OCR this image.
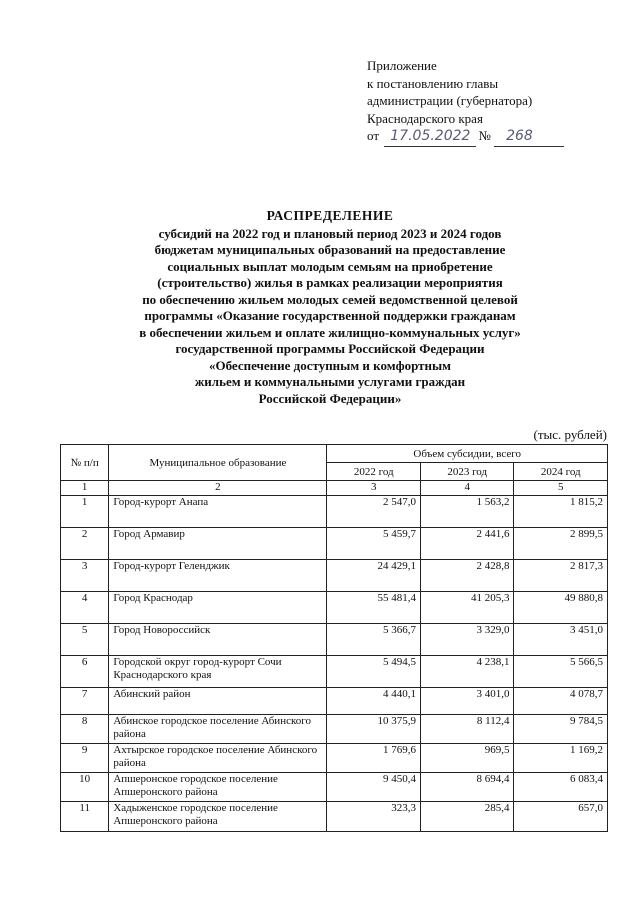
Приложение
к постановлению главы
администрации (губернатора)
Краснодарского края
от 17.05.2022 № 268
РАСПРЕДЕЛЕНИЕ
субсидий на 2022 год и плановый период 2023 и 2024 годов
бюджетам муниципальных образований на предоставление
социальных выплат молодым семьям на приобретение
(строительство) жилья в рамках реализации мероприятия
по обеспечению жильем молодых семей ведомственной целевой
программы «Оказание государственной поддержки гражданам
в обеспечении жильем и оплате жилищно-коммунальных услуг»
государственной программы Российской Федерации
«Обеспечение доступным и комфортным
жильем и коммунальными услугами граждан
Российской Федерации»
(тыс. рублей)
№ п/п	Муниципальное образование	Объем субсидии, всего		
		2022 год	2023 год	2024 год
1	2	3	4	5
1	Город-курорт Анапа	2 547,0	1 563,2	1 815,2
2	Город Армавир	5 459,7	2 441,6	2 899,5
3	Город-курорт Геленджик	24 429,1	2 428,8	2 817,3
4	Город Краснодар	55 481,4	41 205,3	49 880,8
5	Город Новороссийск	5 366,7	3 329,0	3 451,0
6	Городской округ город-курорт Сочи Краснодарского края	5 494,5	4 238,1	5 566,5
7	Абинский район	4 440,1	3 401,0	4 078,7
8	Абинское городское поселение Абинского района	10 375,9	8 112,4	9 784,5
9	Ахтырское городское поселение Абинского района	1 769,6	969,5	1 169,2
10	Апшеронское городское поселение Апшеронского района	9 450,4	8 694,4	6 083,4
11	Хадыженское городское поселение Апшеронского района	323,3	285,4	657,0
